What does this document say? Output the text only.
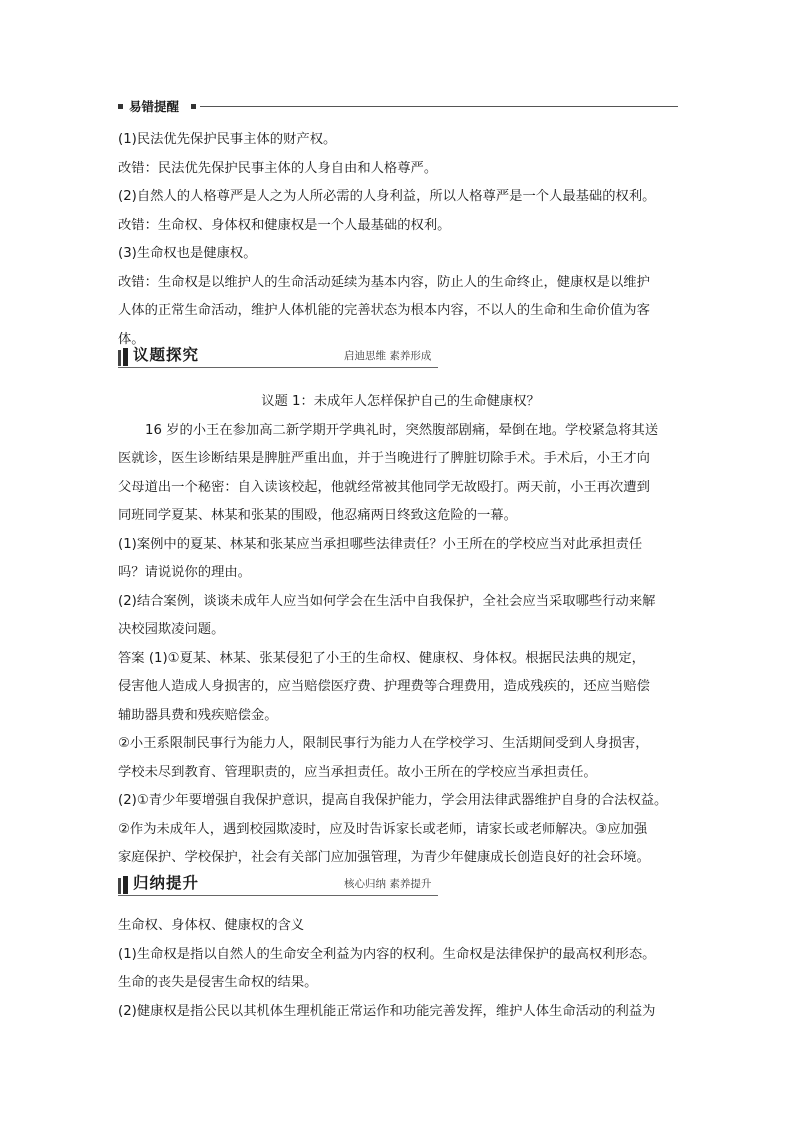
易错提醒

(1)民法优先保护民事主体的财产权。

改错：民法优先保护民事主体的人身自由和人格尊严。

(2)自然人的人格尊严是人之为人所必需的人身利益，所以人格尊严是一个人最基础的权利。

改错：生命权、身体权和健康权是一个人最基础的权利。

(3)生命权也是健康权。

改错：生命权是以维护人的生命活动延续为基本内容，防止人的生命终止，健康权是以维护

人体的正常生命活动，维护人体机能的完善状态为根本内容，不以人的生命和生命价值为客

体。

议题探究	启迪思维 素养形成

议题 1：未成年人怎样保护自己的生命健康权？

16 岁的小王在参加高二新学期开学典礼时，突然腹部剧痛，晕倒在地。学校紧急将其送

医就诊，医生诊断结果是脾脏严重出血，并于当晚进行了脾脏切除手术。手术后，小王才向

父母道出一个秘密：自入读该校起，他就经常被其他同学无故殴打。两天前，小王再次遭到

同班同学夏某、林某和张某的围殴，他忍痛两日终致这危险的一幕。

(1)案例中的夏某、林某和张某应当承担哪些法律责任？小王所在的学校应当对此承担责任

吗？请说说你的理由。

(2)结合案例，谈谈未成年人应当如何学会在生活中自我保护，全社会应当采取哪些行动来解

决校园欺凌问题。

答案 (1)①夏某、林某、张某侵犯了小王的生命权、健康权、身体权。根据民法典的规定，

侵害他人造成人身损害的，应当赔偿医疗费、护理费等合理费用，造成残疾的，还应当赔偿

辅助器具费和残疾赔偿金。

②小王系限制民事行为能力人，限制民事行为能力人在学校学习、生活期间受到人身损害，

学校未尽到教育、管理职责的，应当承担责任。故小王所在的学校应当承担责任。

(2)①青少年要增强自我保护意识，提高自我保护能力，学会用法律武器维护自身的合法权益。

②作为未成年人，遇到校园欺凌时，应及时告诉家长或老师，请家长或老师解决。③应加强

家庭保护、学校保护，社会有关部门应加强管理，为青少年健康成长创造良好的社会环境。

归纳提升	核心归纳 素养提升

生命权、身体权、健康权的含义

(1)生命权是指以自然人的生命安全利益为内容的权利。生命权是法律保护的最高权利形态。

生命的丧失是侵害生命权的结果。

(2)健康权是指公民以其机体生理机能正常运作和功能完善发挥，维护人体生命活动的利益为
